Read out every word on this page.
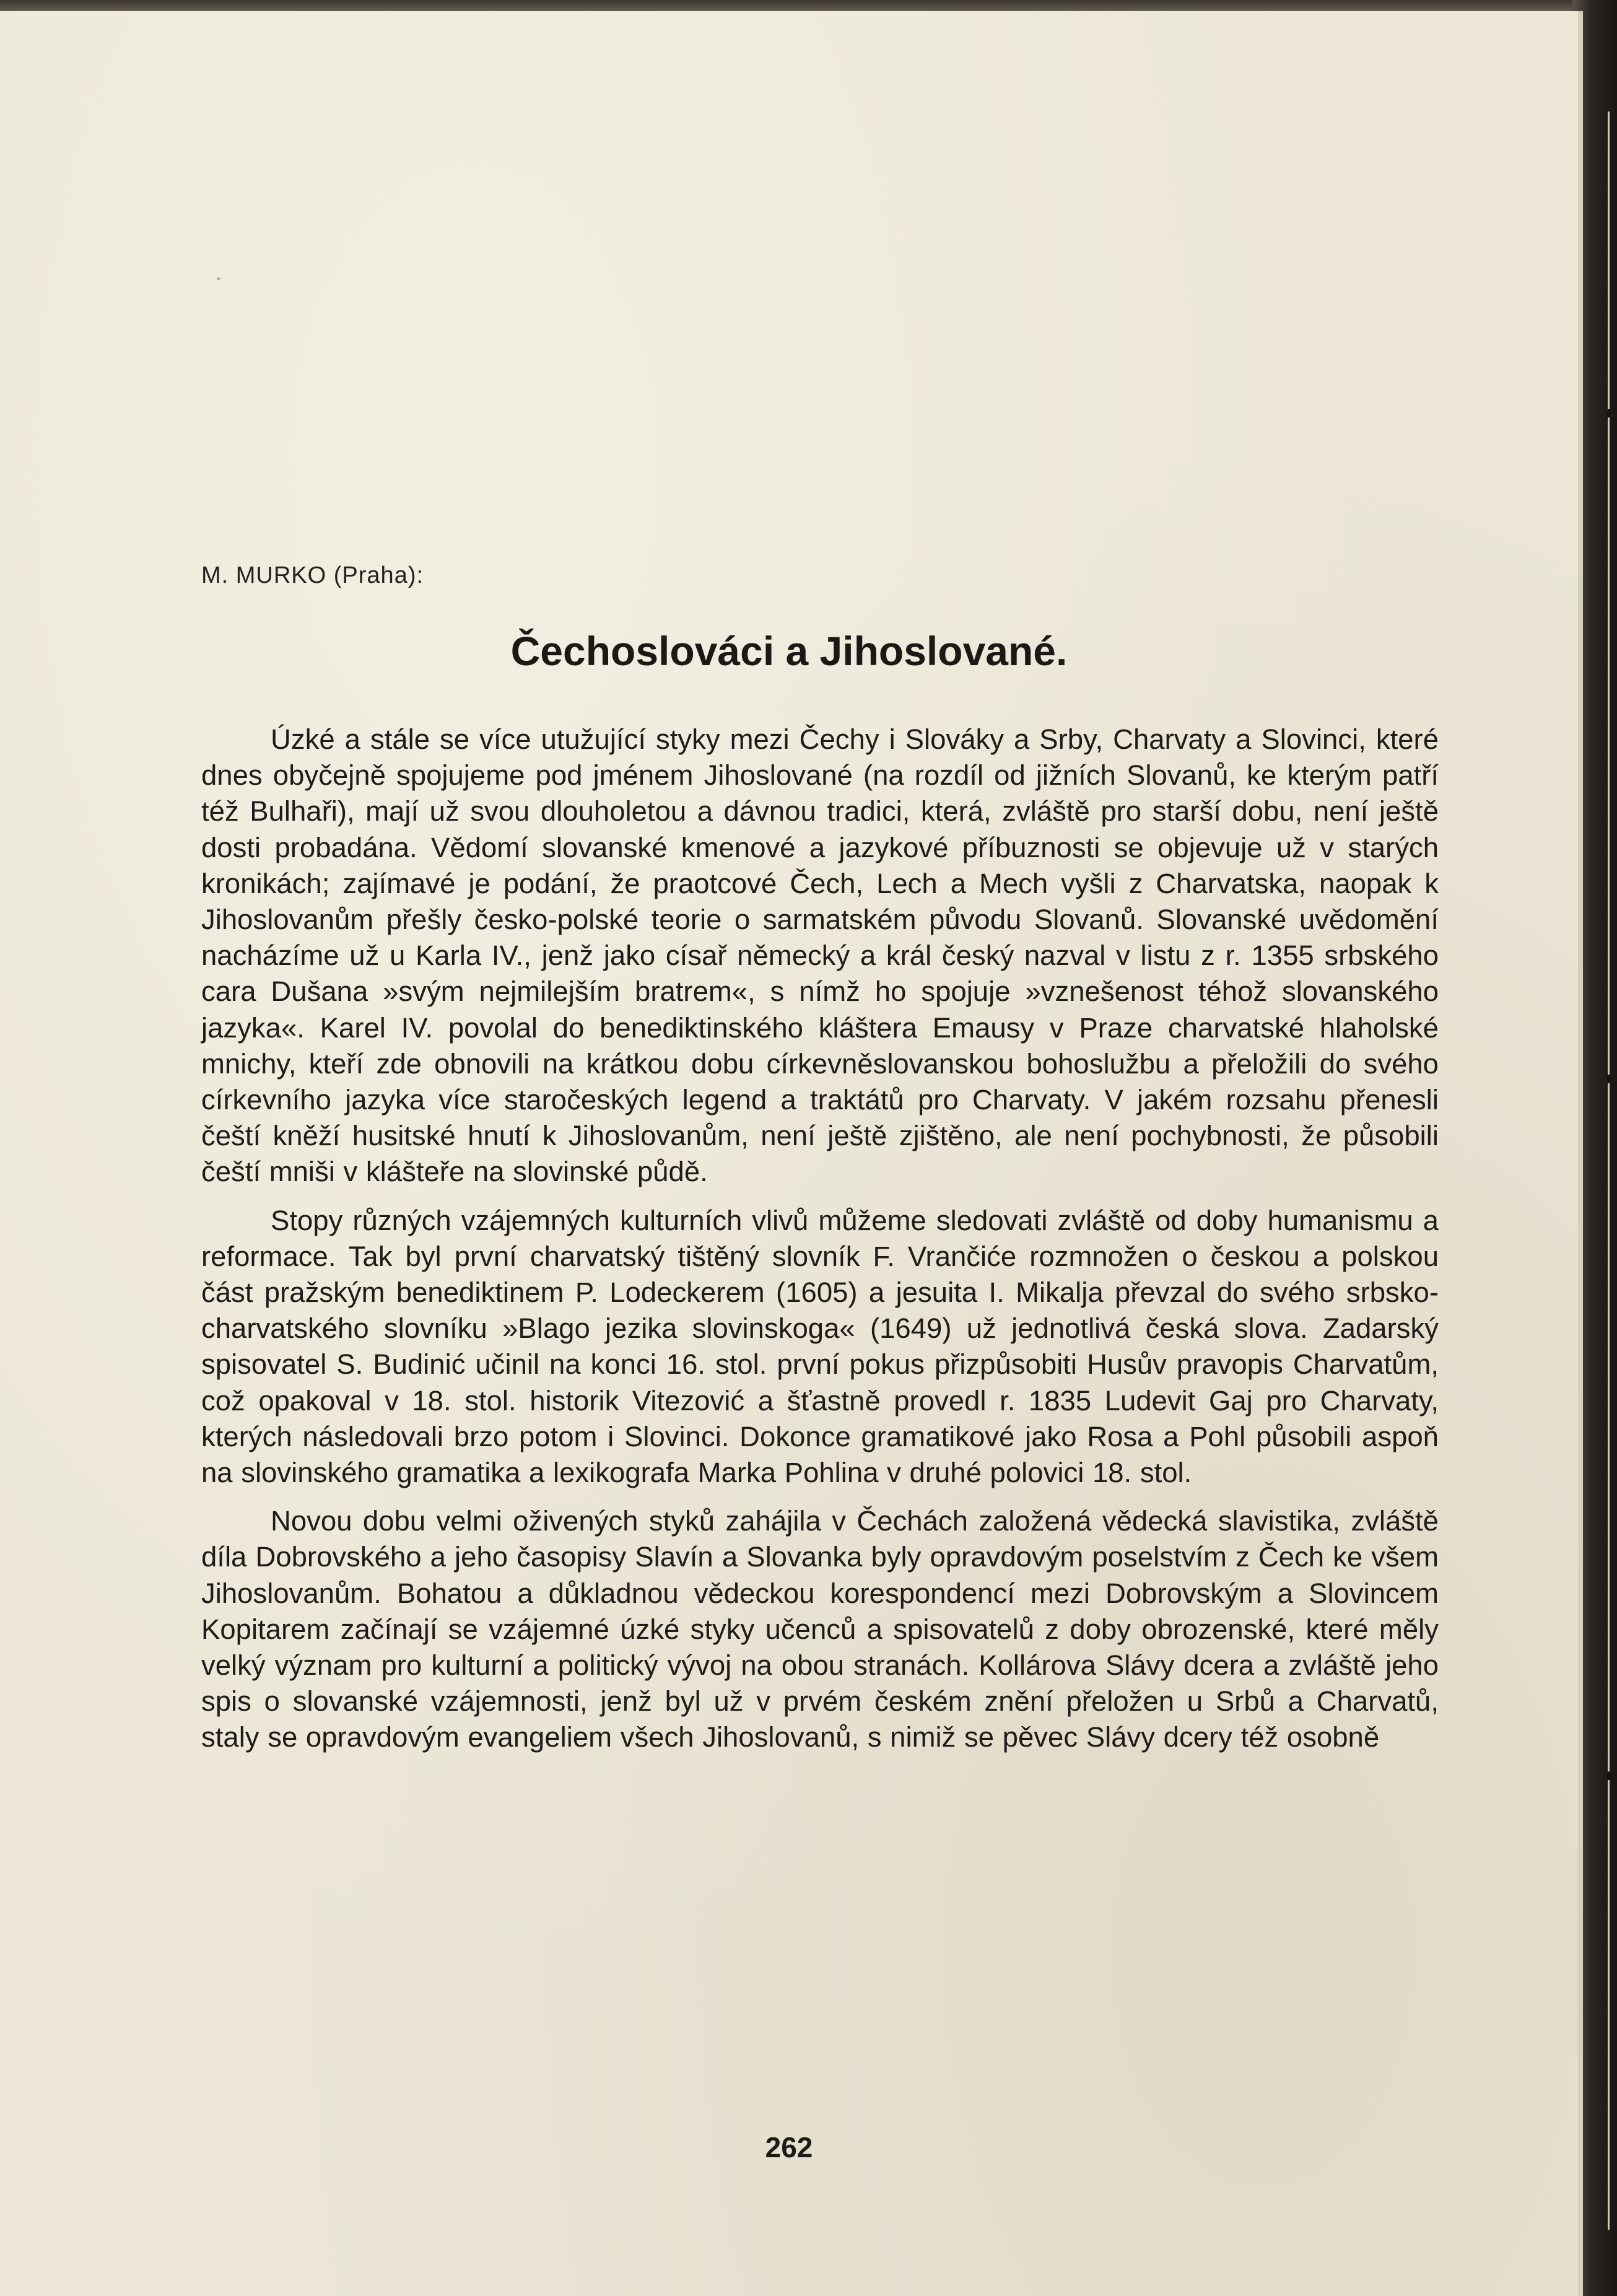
M. MURKO (Praha):

Čechoslováci a Jihoslované.

Úzké a stále se více utužující styky mezi Čechy i Slováky a Srby, Charvaty a Slovinci, které dnes obyčejně spojujeme pod jménem Jihoslované (na rozdíl od jižních Slovanů, ke kterým patří též Bulhaři), mají už svou dlouholetou a dávnou tradici, která, zvláště pro starší dobu, není ještě dosti probadána. Vědomí slovanské kmenové a jazykové příbuznosti se objevuje už v starých kronikách; zajímavé je podání, že praotcové Čech, Lech a Mech vyšli z Charvatska, naopak k Jihoslovanům přešly česko-polské teorie o sarmatském původu Slovanů. Slovanské uvědomění nacházíme už u Karla IV., jenž jako císař německý a král český nazval v listu z r. 1355 srbského cara Dušana »svým nejmilejším bratrem«, s nímž ho spojuje »vznešenost téhož slovanského jazyka«. Karel IV. povolal do benediktinského kláštera Emausy v Praze charvatské hlaholské mnichy, kteří zde obnovili na krátkou dobu církevněslovanskou bohoslužbu a přeložili do svého církevního jazyka více staročeských legend a traktátů pro Charvaty. V jakém rozsahu přenesli čeští kněží husitské hnutí k Jihoslovanům, není ještě zjištěno, ale není pochybnosti, že působili čeští mniši v klášteře na slovinské půdě.

Stopy různých vzájemných kulturních vlivů můžeme sledovati zvláště od doby humanismu a reformace. Tak byl první charvatský tištěný slovník F. Vrančiće rozmnožen o českou a polskou část pražským benediktinem P. Lodeckerem (1605) a jesuita I. Mikalja převzal do svého srbsko-charvatského slovníku »Blago jezika slovinskoga« (1649) už jednotlivá česká slova. Zadarský spisovatel S. Budinić učinil na konci 16. stol. první pokus přizpůsobiti Husův pravopis Charvatům, což opakoval v 18. stol. historik Vitezović a šťastně provedl r. 1835 Ludevit Gaj pro Charvaty, kterých následovali brzo potom i Slovinci. Dokonce gramatikové jako Rosa a Pohl působili aspoň na slovinského gramatika a lexikografa Marka Pohlina v druhé polovici 18. stol.

Novou dobu velmi oživených styků zahájila v Čechách založená vědecká slavistika, zvláště díla Dobrovského a jeho časopisy Slavín a Slovanka byly opravdovým poselstvím z Čech ke všem Jihoslovanům. Bohatou a důkladnou vědeckou korespondencí mezi Dobrovským a Slovincem Kopitarem začínají se vzájemné úzké styky učenců a spisovatelů z doby obrozenské, které měly velký význam pro kulturní a politický vývoj na obou stranách. Kollárova Slávy dcera a zvláště jeho spis o slovanské vzájemnosti, jenž byl už v prvém českém znění přeložen u Srbů a Charvatů, staly se opravdovým evangeliem všech Jihoslovanů, s nimiž se pěvec Slávy dcery též osobně

262
